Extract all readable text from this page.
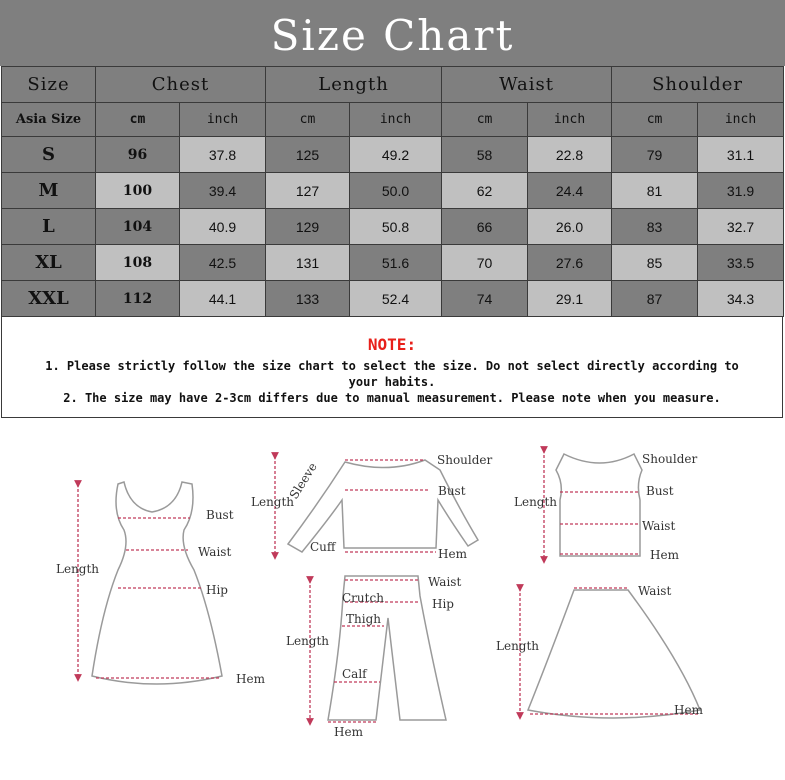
Size Chart
Size	Chest		Length		Waist		Shoulder	
Asia Size	cm	inch	cm	inch	cm	inch	cm	inch
S	96	37.8	125	49.2	58	22.8	79	31.1
M	100	39.4	127	50.0	62	24.4	81	31.9
L	104	40.9	129	50.8	66	26.0	83	32.7
XL	108	42.5	131	51.6	70	27.6	85	33.5
XXL	112	44.1	133	52.4	74	29.1	87	34.3
NOTE:
1. Please strictly follow the size chart to select the size. Do not select directly according to
your habits.
2. The size may have 2-3cm differs due to manual measurement. Please note when you measure.
Length
Bust
Waist
Hip
Hem
Shoulder
Length
Sleeve	Bust
Cuff	Hem
Shoulder
Length
Bust
Waist
Hem
Waist
Crutch	Hip
Thigh
Length
Calf
Hem
Waist
Length
Hem
